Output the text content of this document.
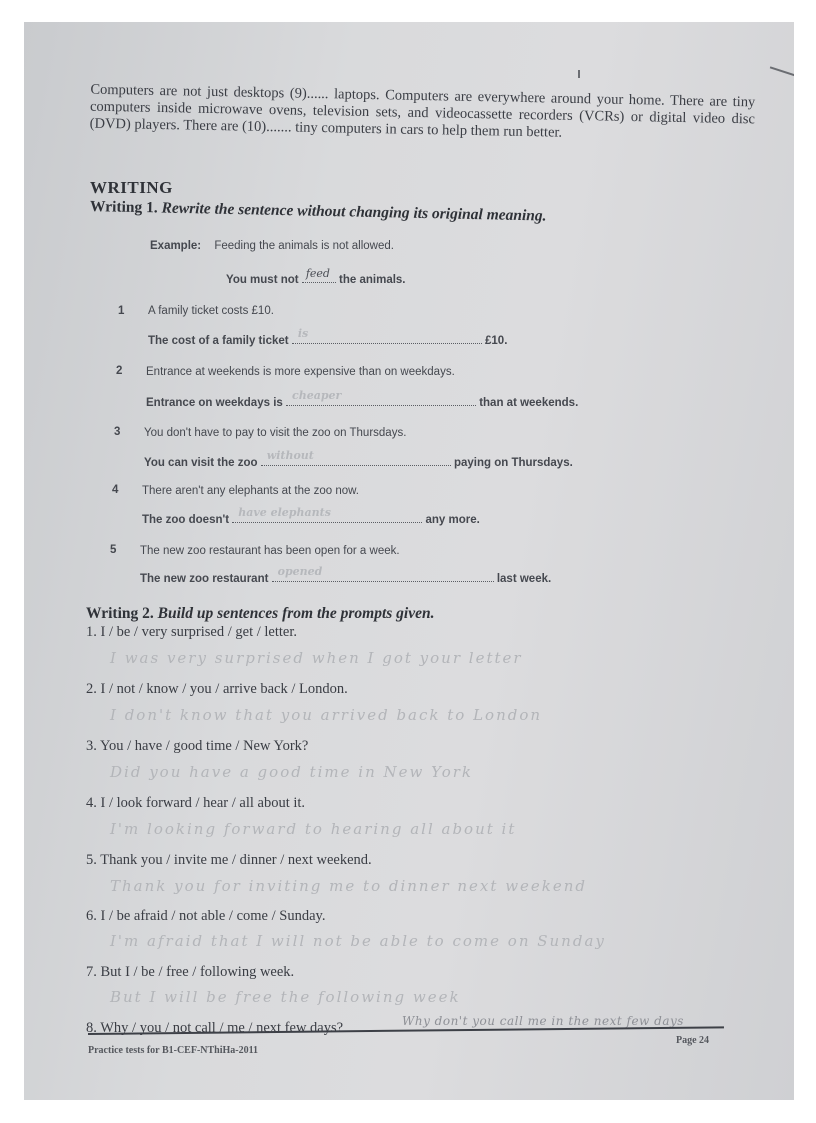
Computers are not just desktops (9)...... laptops. Computers are everywhere around your home. There are tiny computers inside microwave ovens, television sets, and videocassette recorders (VCRs) or digital video disc (DVD) players. There are (10)....... tiny computers in cars to help them run better.
WRITING
Writing 1. Rewrite the sentence without changing its original meaning.
Example: Feeding the animals is not allowed.
You must not feed the animals.
1 A family ticket costs £10.
The cost of a family ticket
is
£10.
2 Entrance at weekends is more expensive than on weekdays.
Entrance on weekdays is
cheaper
than at weekends.
3 You don't have to pay to visit the zoo on Thursdays.
You can visit the zoo
without
paying on Thursdays.
4 There aren't any elephants at the zoo now.
The zoo doesn't
have elephants
any more.
5 The new zoo restaurant has been open for a week.
The new zoo restaurant
opened
last week.
Writing 2. Build up sentences from the prompts given.
1. I / be / very surprised / get / letter.
I was very surprised when I got your letter
2. I / not / know / you / arrive back / London.
I don't know that you arrived back to London
3. You / have / good time / New York?
Did you have a good time in New York
4. I / look forward / hear / all about it.
I'm looking forward to hearing all about it
5. Thank you / invite me / dinner / next weekend.
Thank you for inviting me to dinner next weekend
6. I / be afraid / not able / come / Sunday.
I'm afraid that I will not be able to come on Sunday
7. But I / be / free / following week.
But I will be free the following week
8. Why / you / not call / me / next few days?	Why don't you call me in the next few days
Practice tests for B1-CEF-NThiHa-2011
Page 24
